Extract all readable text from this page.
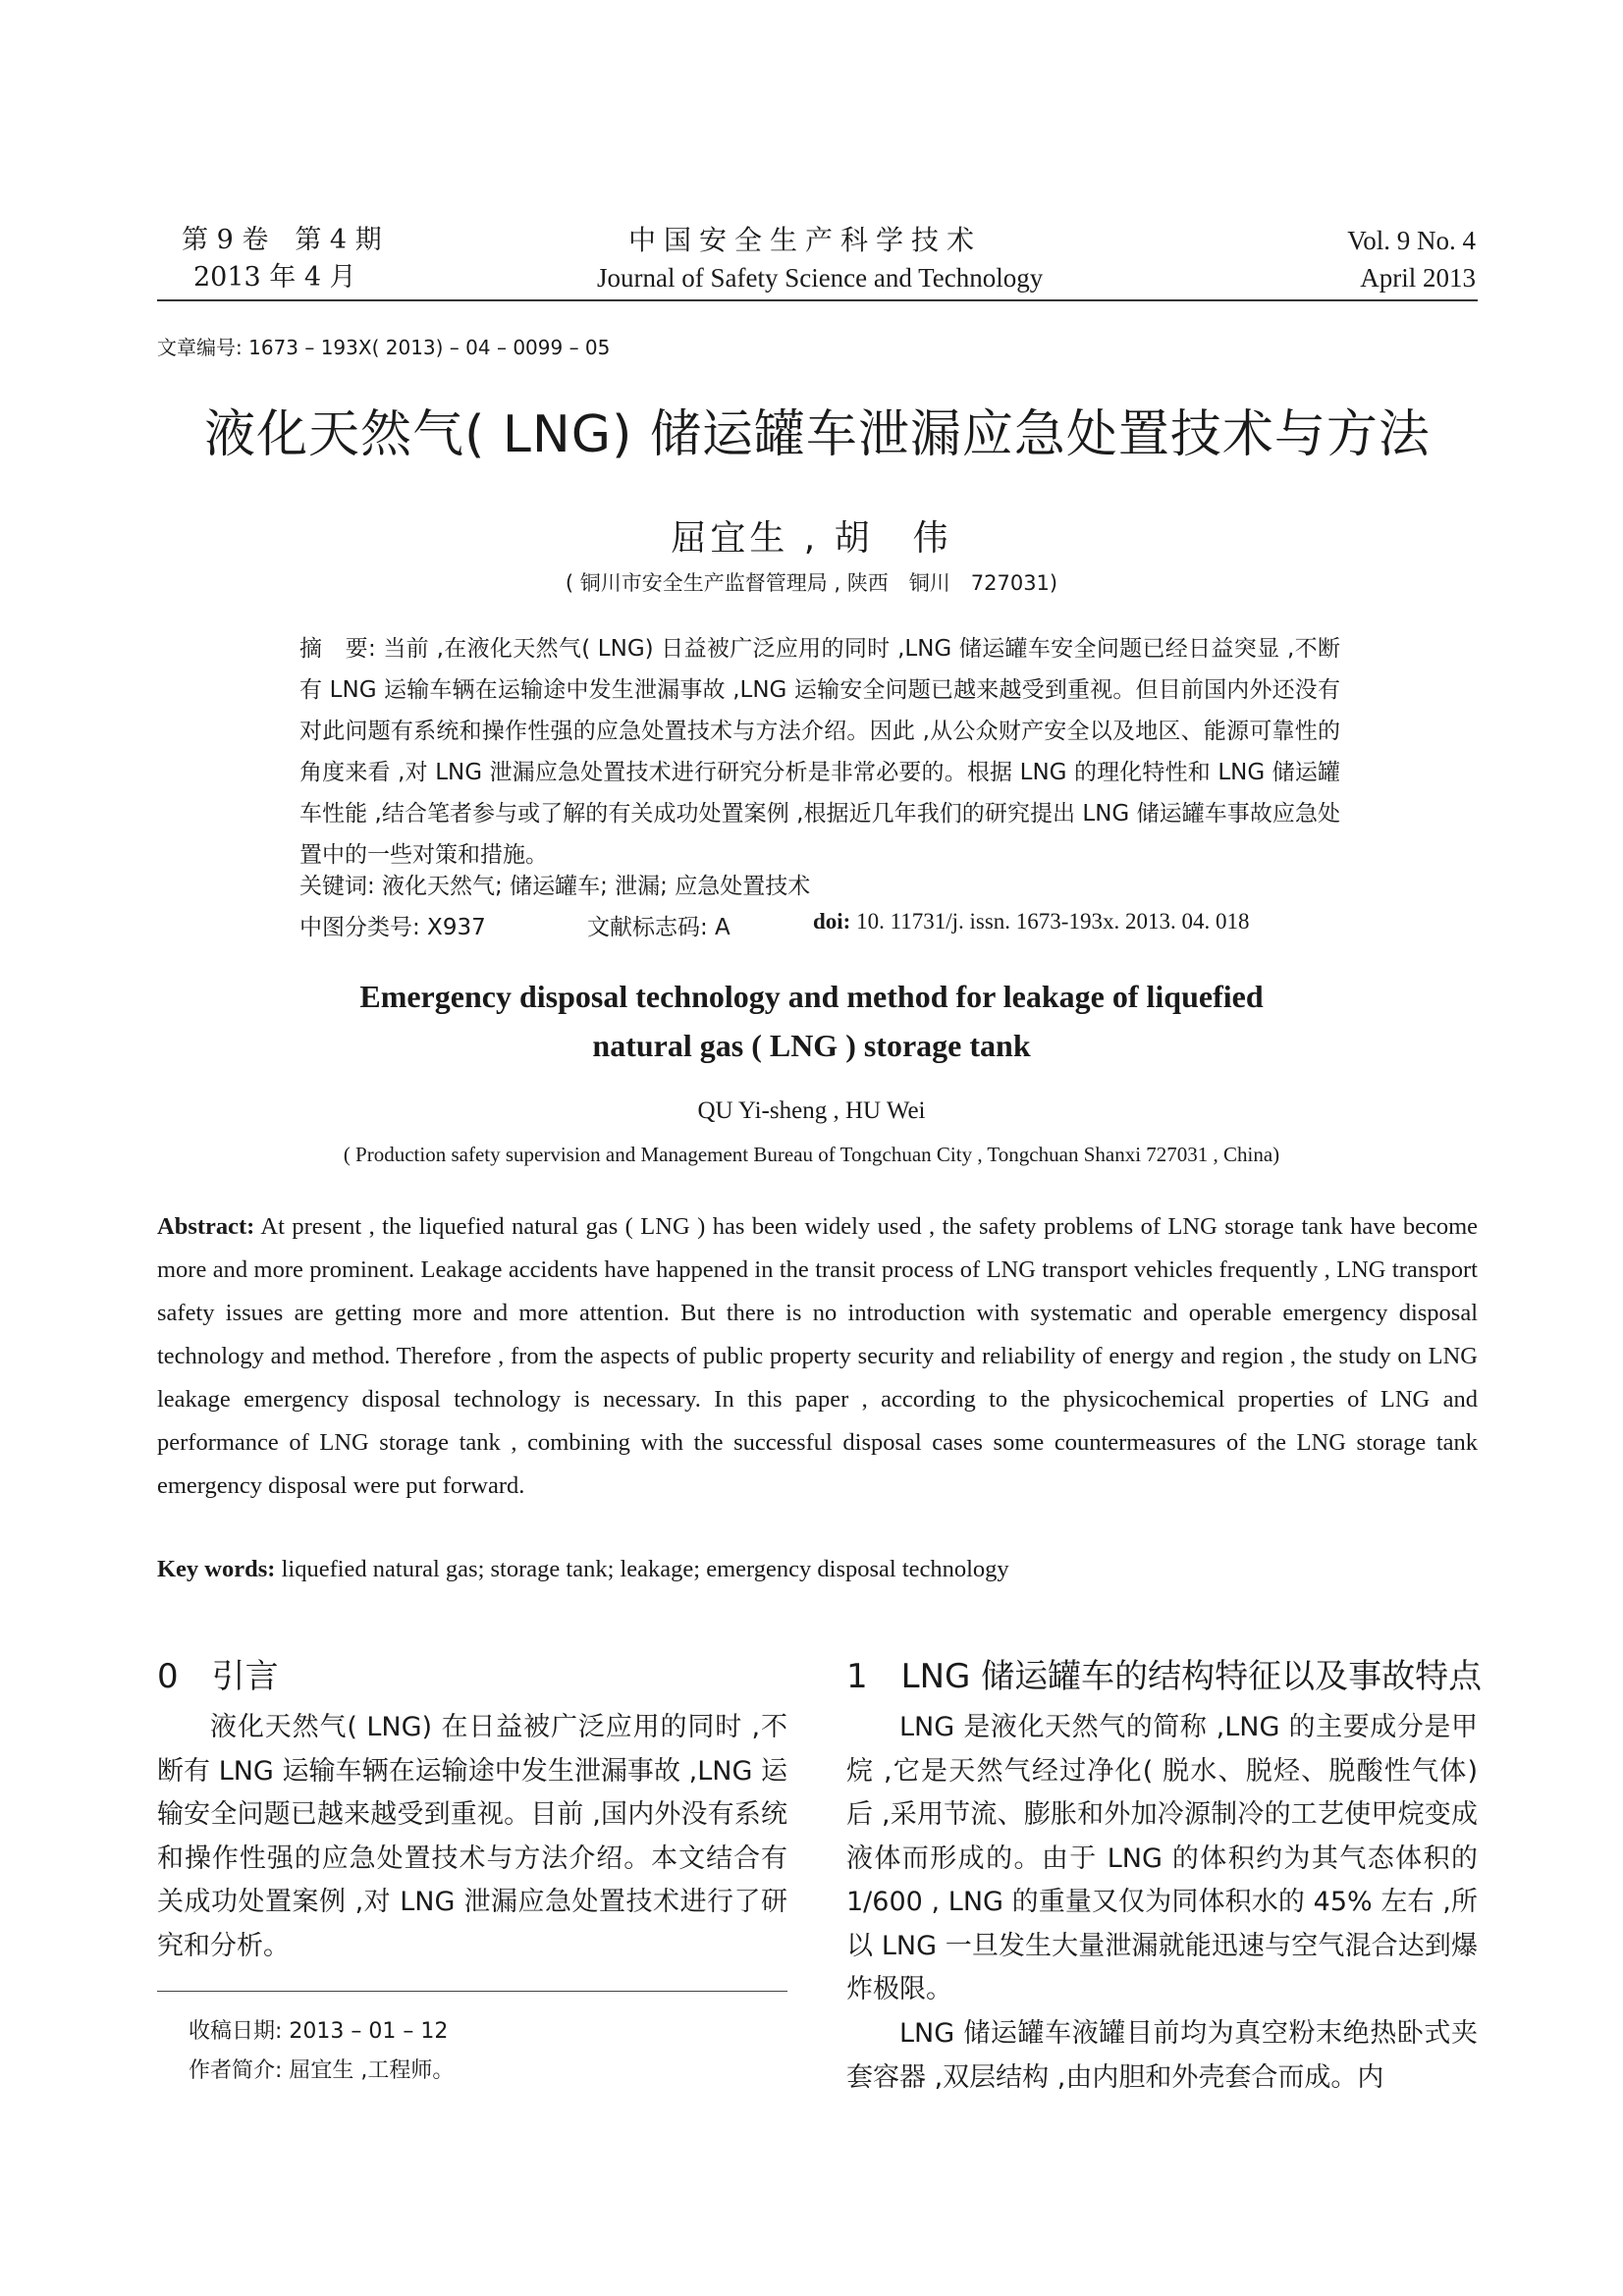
第 9 卷　第 4 期
2013 年 4 月
中国安全生产科学技术
Journal of Safety Science and Technology
Vol. 9 No. 4
April 2013
文章编号: 1673 – 193X( 2013) – 04 – 0099 – 05
液化天然气( LNG) 储运罐车泄漏应急处置技术与方法
屈宜生 , 胡　伟
( 铜川市安全生产监督管理局 , 陕西　铜川　727031)
摘　要: 当前 ,在液化天然气( LNG) 日益被广泛应用的同时 ,LNG 储运罐车安全问题已经日益突显 ,不断有 LNG 运输车辆在运输途中发生泄漏事故 ,LNG 运输安全问题已越来越受到重视。但目前国内外还没有对此问题有系统和操作性强的应急处置技术与方法介绍。因此 ,从公众财产安全以及地区、能源可靠性的角度来看 ,对 LNG 泄漏应急处置技术进行研究分析是非常必要的。根据 LNG 的理化特性和 LNG 储运罐车性能 ,结合笔者参与或了解的有关成功处置案例 ,根据近几年我们的研究提出 LNG 储运罐车事故应急处置中的一些对策和措施。
关键词: 液化天然气; 储运罐车; 泄漏; 应急处置技术
中图分类号: X937	文献标志码: A	doi: 10. 11731/j. issn. 1673-193x. 2013. 04. 018
Emergency disposal technology and method for leakage of liquefied
natural gas ( LNG ) storage tank
QU Yi-sheng , HU Wei
( Production safety supervision and Management Bureau of Tongchuan City , Tongchuan Shanxi 727031 , China)
Abstract: At present , the liquefied natural gas ( LNG ) has been widely used , the safety problems of LNG storage tank have become more and more prominent. Leakage accidents have happened in the transit process of LNG transport vehicles frequently , LNG transport safety issues are getting more and more attention. But there is no introduction with systematic and operable emergency disposal technology and method. Therefore , from the aspects of public property security and reliability of energy and region , the study on LNG leakage emergency disposal technology is necessary. In this paper , according to the physicochemical properties of LNG and performance of LNG storage tank , combining with the successful disposal cases some countermeasures of the LNG storage tank emergency disposal were put forward.
Key words: liquefied natural gas; storage tank; leakage; emergency disposal technology
0　引言
液化天然气( LNG) 在日益被广泛应用的同时 ,不断有 LNG 运输车辆在运输途中发生泄漏事故 ,LNG 运输安全问题已越来越受到重视。目前 ,国内外没有系统和操作性强的应急处置技术与方法介绍。本文结合有关成功处置案例 ,对 LNG 泄漏应急处置技术进行了研究和分析。
收稿日期: 2013 – 01 – 12
作者简介: 屈宜生 ,工程师。
1　LNG 储运罐车的结构特征以及事故特点
LNG 是液化天然气的简称 ,LNG 的主要成分是甲烷 ,它是天然气经过净化( 脱水、脱烃、脱酸性气体) 后 ,采用节流、膨胀和外加冷源制冷的工艺使甲烷变成液体而形成的。由于 LNG 的体积约为其气态体积的 1/600 , LNG 的重量又仅为同体积水的 45% 左右 ,所以 LNG 一旦发生大量泄漏就能迅速与空气混合达到爆炸极限。
LNG 储运罐车液罐目前均为真空粉末绝热卧式夹套容器 ,双层结构 ,由内胆和外壳套合而成。内
